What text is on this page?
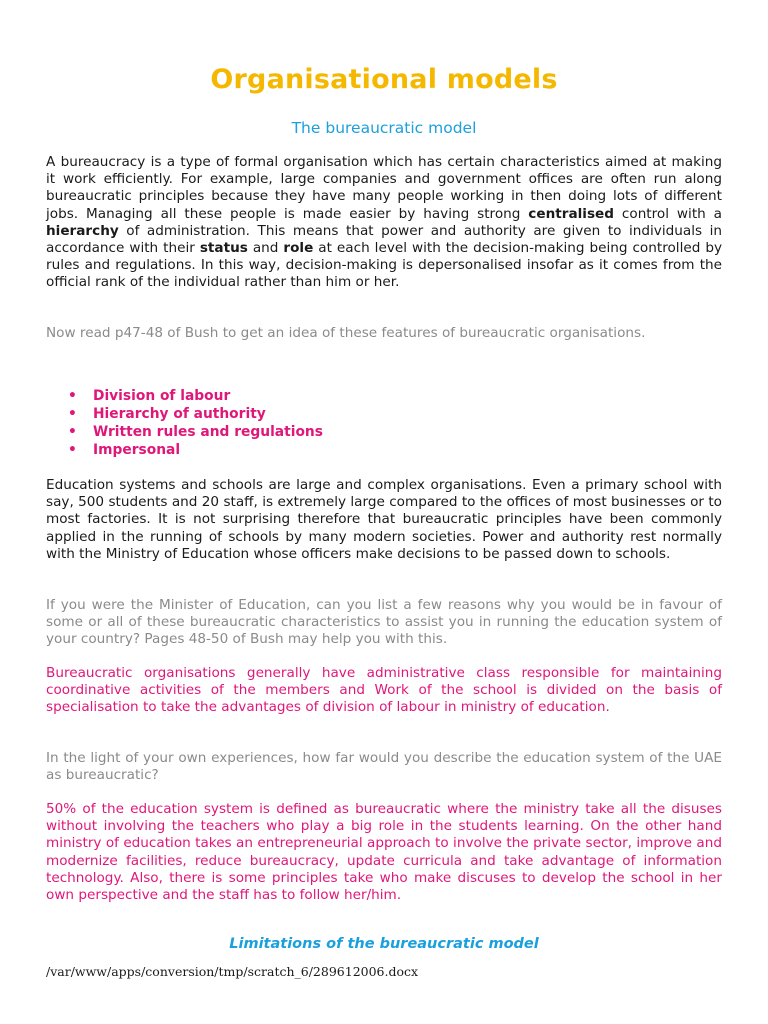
Organisational models
The bureaucratic model

A bureaucracy is a type of formal organisation which has certain characteristics aimed at making it work efficiently. For example, large companies and government offices are often run along bureaucratic principles because they have many people working in then doing lots of different jobs. Managing all these people is made easier by having strong centralised control with a hierarchy of administration. This means that power and authority are given to individuals in accordance with their status and role at each level with the decision-making being controlled by rules and regulations. In this way, decision-making is depersonalised insofar as it comes from the official rank of the individual rather than him or her.

Now read p47-48 of Bush to get an idea of these features of bureaucratic organisations.

• Division of labour
• Hierarchy of authority
• Written rules and regulations
• Impersonal

Education systems and schools are large and complex organisations. Even a primary school with say, 500 students and 20 staff, is extremely large compared to the offices of most businesses or to most factories. It is not surprising therefore that bureaucratic principles have been commonly applied in the running of schools by many modern societies. Power and authority rest normally with the Ministry of Education whose officers make decisions to be passed down to schools.

If you were the Minister of Education, can you list a few reasons why you would be in favour of some or all of these bureaucratic characteristics to assist you in running the education system of your country? Pages 48-50 of Bush may help you with this.

Bureaucratic organisations generally have administrative class responsible for maintaining coordinative activities of the members and Work of the school is divided on the basis of specialisation to take the advantages of division of labour in ministry of education.

In the light of your own experiences, how far would you describe the education system of the UAE as bureaucratic?

50% of the education system is defined as bureaucratic where the ministry take all the disuses without involving the teachers who play a big role in the students learning. On the other hand ministry of education takes an entrepreneurial approach to involve the private sector, improve and modernize facilities, reduce bureaucracy, update curricula and take advantage of information technology. Also, there is some principles take who make discuses to develop the school in her own perspective and the staff has to follow her/him.

Limitations of the bureaucratic model

/var/www/apps/conversion/tmp/scratch_6/289612006.docx
